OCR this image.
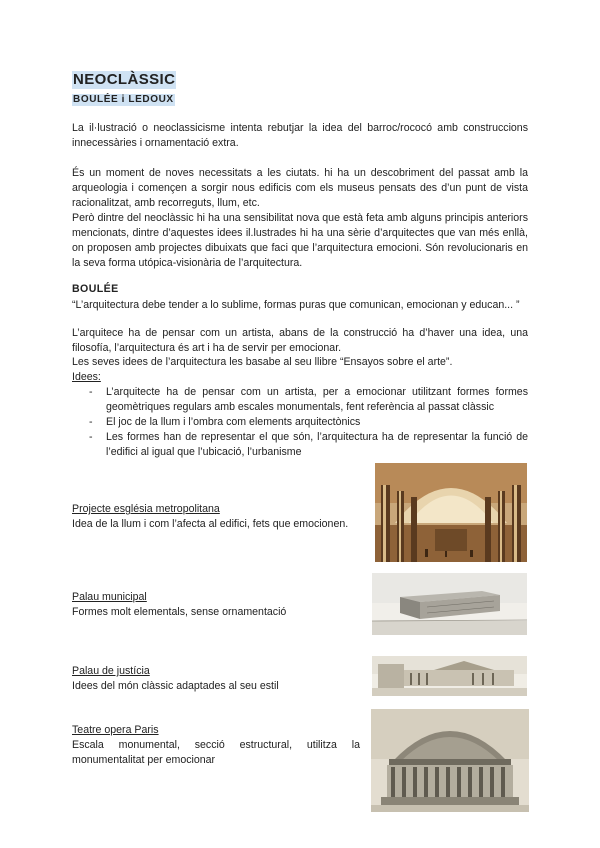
NEOCLÀSSIC
BOULÉE i LEDOUX
La il·lustració o neoclassicisme intenta rebutjar la idea del barroc/rococó amb construccions innecessàries i ornamentació extra.
És un moment de noves necessitats a les ciutats. hi ha un descobriment del passat amb la arqueologia i començen a sorgir nous edificis com els museus pensats des d’un punt de vista racionalitzat, amb recorreguts, llum, etc.
Però dintre del neoclàssic hi ha una sensibilitat nova que està feta amb alguns principis anteriors mencionats, dintre d’aquestes idees il.lustrades hi ha una sèrie d’arquitectes que van més enllà, on proposen amb projectes dibuixats que faci que l’arquitectura emocioni. Són revolucionaris en la seva forma utópica-visionària de l’arquitectura.
BOULÉE
“L’arquitectura debe tender a lo sublime, formas puras que comunican, emocionan y educan... ”
L’arquitece ha de pensar com un artista, abans de la construcció ha d’haver una idea, una filosofía, l’arquitectura és art i ha de servir per emocionar.
Les seves idees de l’arquitectura les basabe al seu llibre “Ensayos sobre el arte”.
Idees:
- L’arquitecte ha de pensar com un artista, per a emocionar utilitzant formes formes geomètriques regulars amb escales monumentals, fent referència al passat clàssic
- El joc de la llum i l’ombra com elements arquitectònics
- Les formes han de representar el que són, l’arquitectura ha de representar la funció de l’edifici al igual que l’ubicació, l’urbanisme
Projecte església metropolitana
Idea de la llum i com l’afecta al edifici, fets que emocionen.
Palau municipal
Formes molt elementals, sense ornamentació
Palau de justícia
Idees del món clàssic adaptades al seu estil
Teatre opera Paris
Escala monumental, secció estructural, utilitza la monumentalitat per emocionar
